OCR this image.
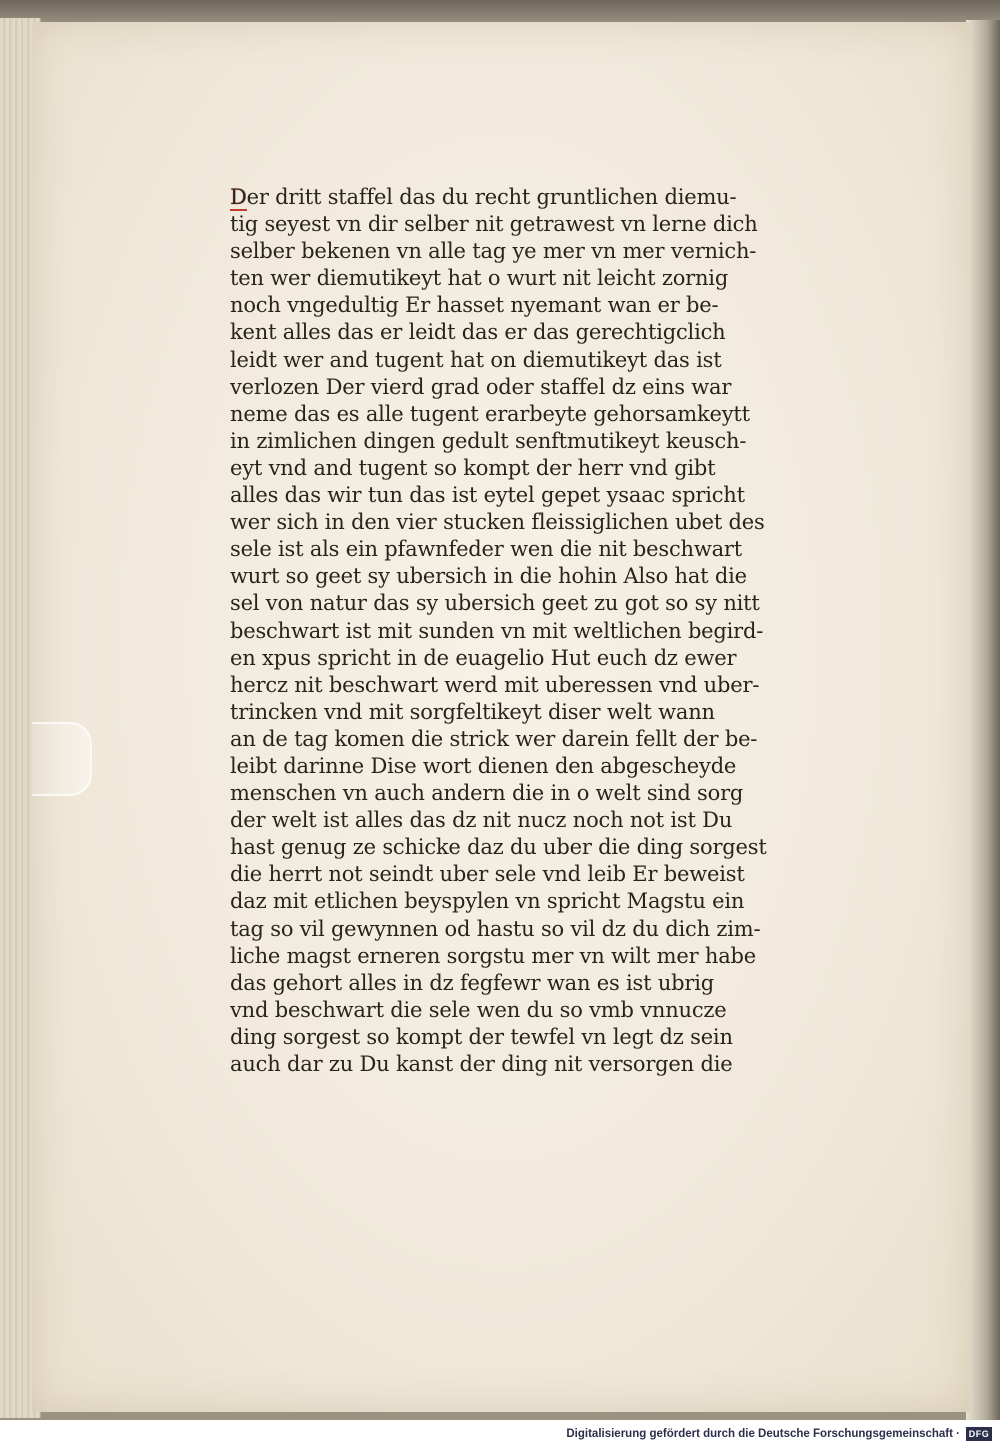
Der dritt staffel das du recht gruntlichen diemu-
tig seyest vn dir selber nit getrawest vn lerne dich
selber bekenen vn alle tag ye mer vn mer vernich-
ten wer diemutikeyt hat o wurt nit leicht zornig
noch vngedultig Er hasset nyemant wan er be-
kent alles das er leidt das er das gerechtigclich
leidt wer and tugent hat on diemutikeyt das ist
verlozen Der vierd grad oder staffel dz eins war
neme das es alle tugent erarbeyte gehorsamkeytt
in zimlichen dingen gedult senftmutikeyt keusch-
eyt vnd and tugent so kompt der herr vnd gibt
alles das wir tun das ist eytel gepet ysaac spricht
wer sich in den vier stucken fleissiglichen ubet des
sele ist als ein pfawnfeder wen die nit beschwart
wurt so geet sy ubersich in die hohin Also hat die
sel von natur das sy ubersich geet zu got so sy nitt
beschwart ist mit sunden vn mit weltlichen begird-
en xpus spricht in de euagelio Hut euch dz ewer
hercz nit beschwart werd mit uberessen vnd uber-
trincken vnd mit sorgfeltikeyt diser welt wann
an de tag komen die strick wer darein fellt der be-
leibt darinne Dise wort dienen den abgescheyde
menschen vn auch andern die in o welt sind sorg
der welt ist alles das dz nit nucz noch not ist Du
hast genug ze schicke daz du uber die ding sorgest
die herrt not seindt uber sele vnd leib Er beweist
daz mit etlichen beyspylen vn spricht Magstu ein
tag so vil gewynnen od hastu so vil dz du dich zim-
liche magst erneren sorgstu mer vn wilt mer habe
das gehort alles in dz fegfewr wan es ist ubrig
vnd beschwart die sele wen du so vmb vnnucze
ding sorgest so kompt der tewfel vn legt dz sein
auch dar zu Du kanst der ding nit versorgen die
Digitalisierung gefördert durch die Deutsche Forschungsgemeinschaft · DFG
